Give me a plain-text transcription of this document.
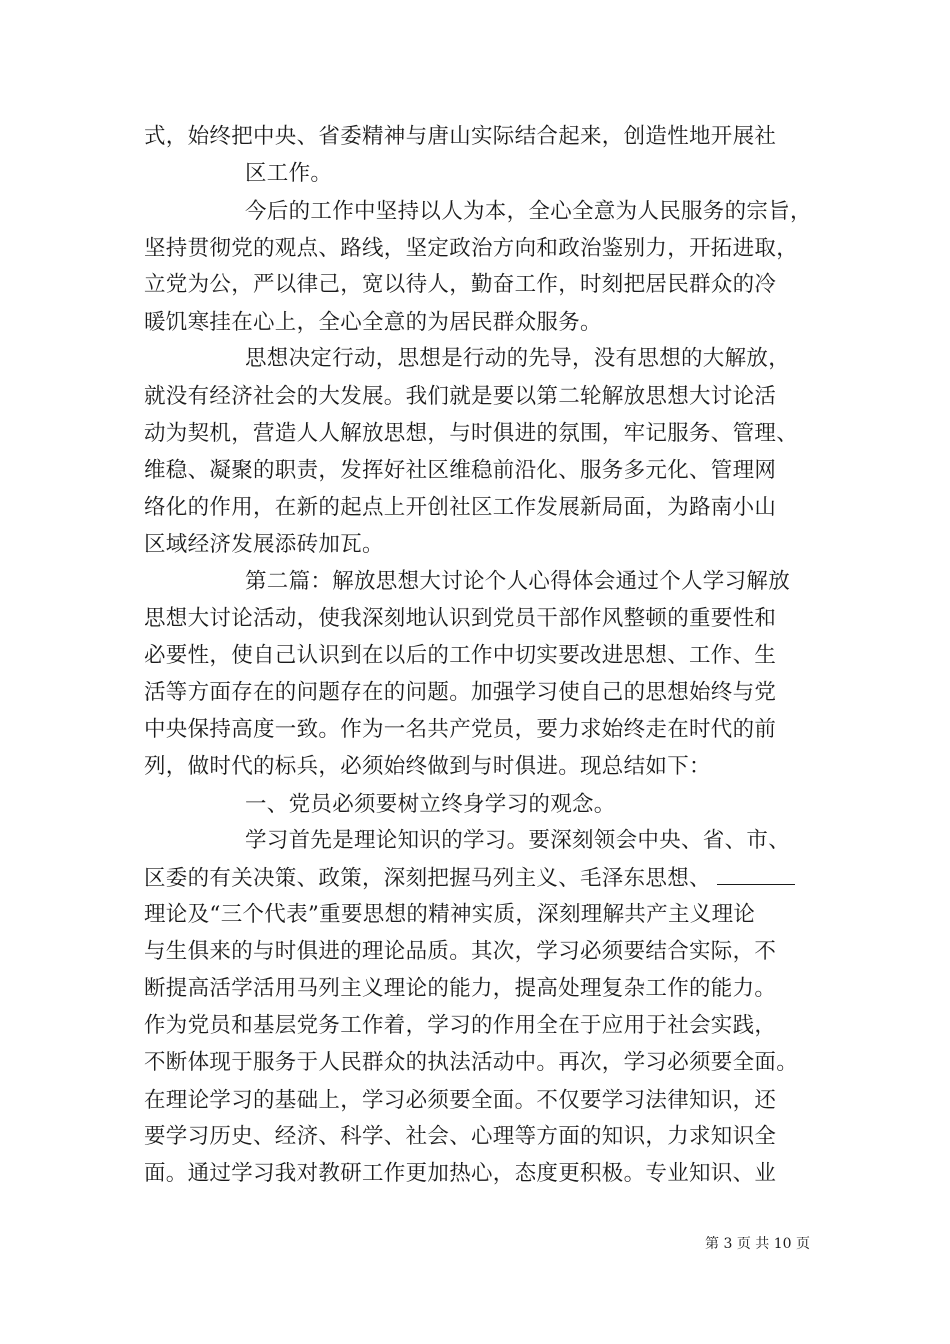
式，始终把中央、省委精神与唐山实际结合起来，创造性地开展社
区工作。
今后的工作中坚持以人为本，全心全意为人民服务的宗旨，
坚持贯彻党的观点、路线，坚定政治方向和政治鉴别力，开拓进取，
立党为公，严以律己，宽以待人，勤奋工作，时刻把居民群众的冷
暖饥寒挂在心上，全心全意的为居民群众服务。
思想决定行动，思想是行动的先导，没有思想的大解放，
就没有经济社会的大发展。我们就是要以第二轮解放思想大讨论活
动为契机，营造人人解放思想，与时俱进的氛围，牢记服务、管理、
维稳、凝聚的职责，发挥好社区维稳前沿化、服务多元化、管理网
络化的作用，在新的起点上开创社区工作发展新局面，为路南小山
区域经济发展添砖加瓦。
第二篇：解放思想大讨论个人心得体会通过个人学习解放
思想大讨论活动，使我深刻地认识到党员干部作风整顿的重要性和
必要性，使自己认识到在以后的工作中切实要改进思想、工作、生
活等方面存在的问题存在的问题。加强学习使自己的思想始终与党
中央保持高度一致。作为一名共产党员，要力求始终走在时代的前
列，做时代的标兵，必须始终做到与时俱进。现总结如下：
一、党员必须要树立终身学习的观念。
学习首先是理论知识的学习。要深刻领会中央、省、市、
区委的有关决策、政策，深刻把握马列主义、毛泽东思想、
理论及“三个代表”重要思想的精神实质，深刻理解共产主义理论
与生俱来的与时俱进的理论品质。其次，学习必须要结合实际，不
断提高活学活用马列主义理论的能力，提高处理复杂工作的能力。
作为党员和基层党务工作着，学习的作用全在于应用于社会实践，
不断体现于服务于人民群众的执法活动中。再次，学习必须要全面。
在理论学习的基础上，学习必须要全面。不仅要学习法律知识，还
要学习历史、经济、科学、社会、心理等方面的知识，力求知识全
面。通过学习我对教研工作更加热心，态度更积极。专业知识、业
第 3 页 共 10 页
